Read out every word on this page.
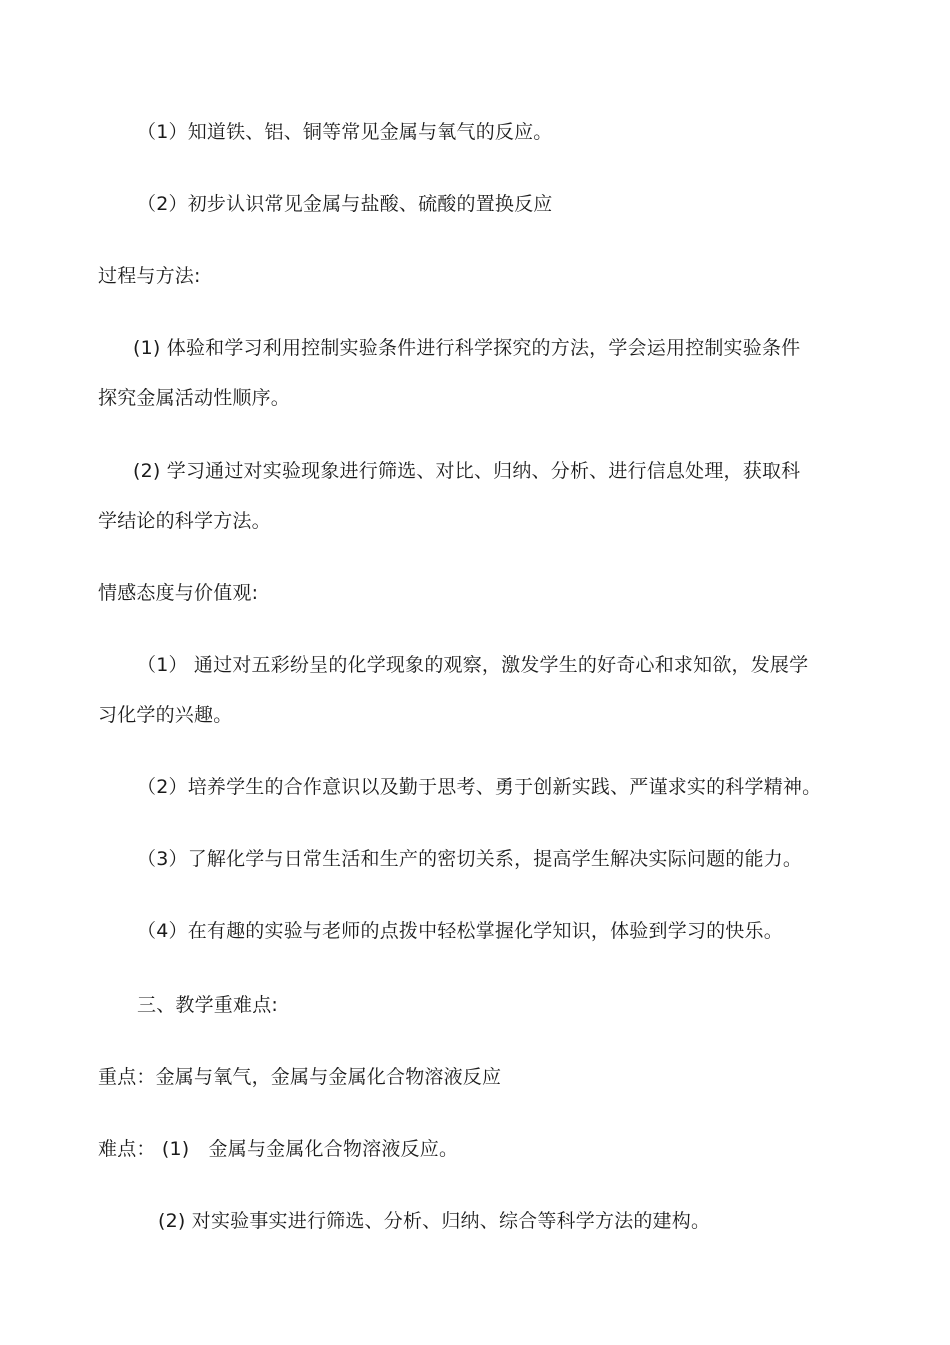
（1）知道铁、铝、铜等常见金属与氧气的反应。
（2）初步认识常见金属与盐酸、硫酸的置换反应
过程与方法:
(1) 体验和学习利用控制实验条件进行科学探究的方法，学会运用控制实验条件
探究金属活动性顺序。
(2) 学习通过对实验现象进行筛选、对比、归纳、分析、进行信息处理，获取科
学结论的科学方法。
情感态度与价值观:
（1） 通过对五彩纷呈的化学现象的观察，激发学生的好奇心和求知欲，发展学
习化学的兴趣。
（2）培养学生的合作意识以及勤于思考、勇于创新实践、严谨求实的科学精神。
（3）了解化学与日常生活和生产的密切关系，提高学生解决实际问题的能力。
（4）在有趣的实验与老师的点拨中轻松掌握化学知识，体验到学习的快乐。
三、教学重难点:
重点：金属与氧气，金属与金属化合物溶液反应
难点： (1)　金属与金属化合物溶液反应。
(2) 对实验事实进行筛选、分析、归纳、综合等科学方法的建构。
